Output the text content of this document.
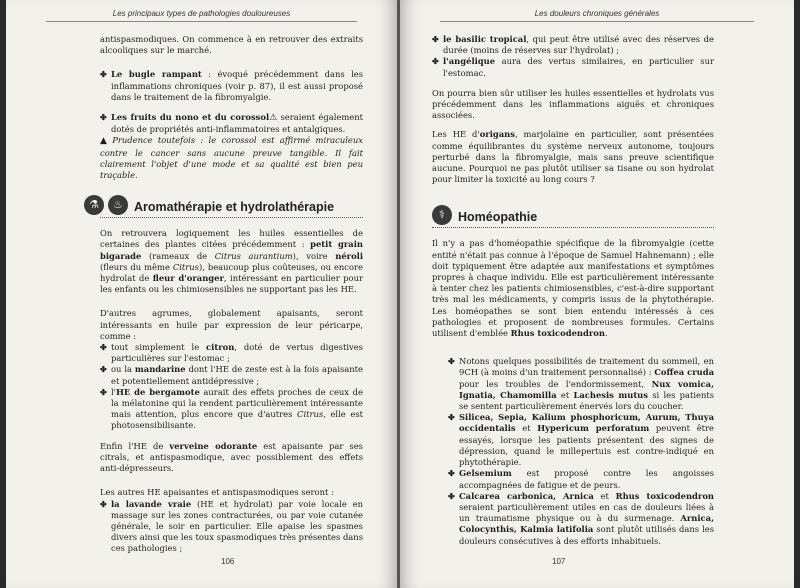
Les principaux types de pathologies douloureuses

antispasmodiques. On commence à en retrouver des extraits alcooliques sur le marché.

✤ Le bugle rampant : évoqué précédemment dans les inflammations chroniques (voir p. 87), il est aussi proposé dans le traitement de la fibromyalgie.

✤ Les fruits du nono et du corossol⚠ seraient également dotés de propriétés anti-inflammatoires et antalgiques.

▲ Prudence toutefois : le corossol est affirmé miraculeux contre le cancer sans aucune preuve tangible. Il fait clairement l'objet d'une mode et sa qualité est bien peu traçable.

⚗	♨ Aromathérapie et hydrolathérapie

On retrouvera logiquement les huiles essentielles de certaines des plantes citées précédemment : petit grain bigarade (rameaux de Citrus aurantium), voire néroli (fleurs du même Citrus), beaucoup plus coûteuses, ou encore hydrolat de fleur d'oranger, intéressant en particulier pour les enfants ou les chimiosensibles ne supportant pas les HE.

D'autres agrumes, globalement apaisants, seront intéressants en huile par expression de leur péricarpe, comme :

✤ tout simplement le citron, doté de vertus digestives particulières sur l'estomac ;

✤ ou la mandarine dont l'HE de zeste est à la fois apaisante et potentiellement antidépressive ;

✤ l'HE de bergamote aurait des effets proches de ceux de la mélatonine qui la rendent particulièrement intéressante mais attention, plus encore que d'autres Citrus, elle est photosensibilisante.

Enfin l'HE de verveine odorante est apaisante par ses citrals, et antispasmodique, avec possiblement des effets anti-dépresseurs.

Les autres HE apaisantes et antispasmodiques seront :

✤ la lavande vraie (HE et hydrolat) par voie locale en massage sur les zones contracturées, ou par voie cutanée générale, le soir en particulier. Elle apaise les spasmes divers ainsi que les toux spasmodiques très présentes dans ces pathologies ;

106
Les douleurs chroniques générales

✤ le basilic tropical, qui peut être utilisé avec des réserves de durée (moins de réserves sur l'hydrolat) ;

✤ l'angélique aura des vertus similaires, en particulier sur l'estomac.

On pourra bien sûr utiliser les huiles essentielles et hydrolats vus précédemment dans les inflammations aiguës et chroniques associées.

Les HE d'origans, marjolaine en particulier, sont présentées comme équilibrantes du système nerveux autonome, toujours perturbé dans la fibromyalgie, mais sans preuve scientifique aucune. Pourquoi ne pas plutôt utiliser sa tisane ou son hydrolat pour limiter la toxicité au long cours ?

⚕	Homéopathie

Il n'y a pas d'homéopathie spécifique de la fibromyalgie (cette entité n'était pas connue à l'époque de Samuel Hahnemann) ; elle doit typiquement être adaptée aux manifestations et symptômes propres à chaque individu. Elle est particulièrement intéressante à tenter chez les patients chimiosensibles, c'est-à-dire supportant très mal les médicaments, y compris issus de la phytothérapie. Les homéopathes se sont bien entendu intéressés à ces pathologies et proposent de nombreuses formules. Certains utilisent d'emblée Rhus toxicodendron.

✤ Notons quelques possibilités de traitement du sommeil, en 9CH (à moins d'un traitement personnalisé) : Coffea cruda pour les troubles de l'endormissement, Nux vomica, Ignatia, Chamomilla et Lachesis mutus si les patients se sentent particulièrement énervés lors du coucher.

✤ Silicea, Sepia, Kalium phosphoricum, Aurum, Thuya occidentalis et Hypericum perforatum peuvent être essayés, lorsque les patients présentent des signes de dépression, quand le millepertuis est contre-indiqué en phytothérapie.

✤ Gelsemium est proposé contre les angoisses accompagnées de fatigue et de peurs.

✤ Calcarea carbonica, Arnica et Rhus toxicodendron seraient particulièrement utiles en cas de douleurs liées à un traumatisme physique ou à du surmenage. Arnica, Colocynthis, Kalmia latifolia sont plutôt utilisés dans les douleurs consécutives à des efforts inhabituels.

107
